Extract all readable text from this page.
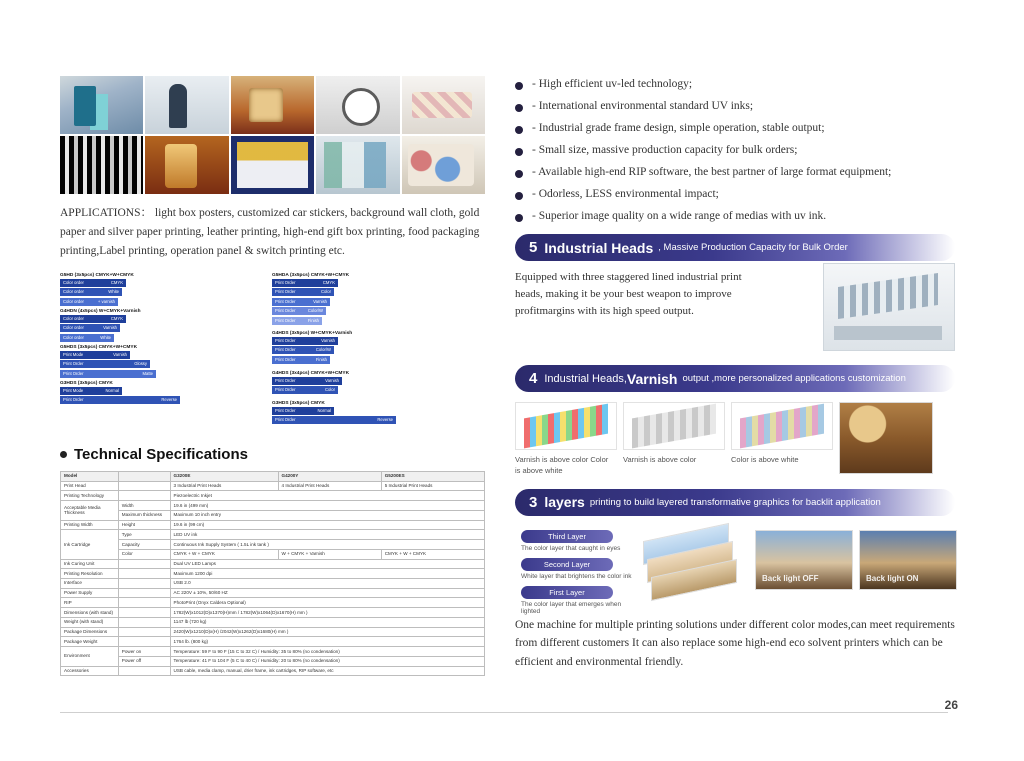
APPLICATIONS： light box posters, customized car stickers, background wall cloth, gold paper and silver paper printing, leather printing, high-end gift box printing, food packaging printing,Label printing, operation panel & switch printing etc.
G5HD (3x5pcs) CMYK+W+CMYK
Color order	CMYK
Color order	White
Color order	+ varnish
G4HDN (4x5pcs) W+CMYK+Varnish
Color order	CMYK
Color order	Varnish
Color order	White
G5HDS (3x5pcs) CMYK+W+CMYK
Print Mode	Varnish
Print Order	Glossy
Print Order	Matte
G3HDS (3x5pcs) CMYK
Print Mode	Normal
Print Order	Reverse
G5HDA (3x5pcs) CMYK+W+CMYK
Print Order	CMYK
Print Order	Color
Print Order	Varnish
Print Order	Color/W
Print Order	Finish
G4HDS (3x5pcs) W+CMYK+Varnish
Print Order	Varnish
Print Order	Color/W
Print Order	Finish
G4HDS (3x4pcs) CMYK+W+CMYK
Print Order	Varnish
Print Order	Color
G3HDS (3x5pcs) CMYK
Print Order	Normal
Print Order	Reverse
Technical Specifications
Model		G3200E	G4200Y	G5200ES
Print Head		3 Industrial Print Heads	4 Industrial Print Heads	5 Industrial Print Heads
Printing Technology		Piezoelectric Inkjet		
Acceptable Media Thickness	Width	19.6 in (499 mm)		
	Maximum thickness	Maximum 10 inch entry		
Printing Width	Height	19.6 in (99 cm)		
Ink Cartridge	Type	LED UV ink		
	Capacity	Continuous Ink Supply System ( 1.5L ink tank )		
	Color	CMYK + W + CMYK	W + CMYK + Varnish	CMYK + W + CMYK
Ink Curing Unit		Dual UV LED Lamps		
Printing Resolution		Maximum 1200 dpi		
Interface		USB 2.0		
Power Supply		AC 220V ± 10%, 50/60 HZ		
RIP		PhotoPrint (Onyx Caldera Optional)		
Dimensions (with stand)		1782(W)x1012(D)x1370(H)mm / 1782(W)x1064(D)x1670(H) mm )		
Weight (with stand)		1147 lb (720 kg)		
Package Dimensions		2420(W)x1210(D)x(H) /2042(W)x1262(D)x1680(H) mm )		
Package Weight		1764 lb. (800 kg)		
Environment	Power on	Temperature: 59 F to 90 F (15 C to 32 C) / Humidity: 35 to 80% (no condensation)		
	Power off	Temperature: 41 F to 104 F (5 C to 40 C) / Humidity: 20 to 80% (no condensation)		
Accessories		USB cable, media clamp, manual, drier frame, ink cartridges, RIP software, etc		
- High efficient uv-led technology;
- International environmental standard UV inks;
- Industrial grade frame design, simple operation, stable output;
- Small size, massive production capacity for bulk orders;
- Available high-end RIP software, the best partner of large format equipment;
- Odorless, LESS environmental impact;
- Superior image quality on a wide range of medias with uv ink.
5 Industrial Heads , Massive Production Capacity for Bulk Order

Equipped with three staggered lined industrial print heads, making it be your best weapon to improve profitmargins with its high speed output.

4 Industrial Heads, Varnish output ,more personalized applications customization
Varnish is above color Color is above white
Varnish is above color	Color is above white
3 layers printing to build layered transformative graphics for backlit application
Third Layer
The color layer that caught in eyes
Second Layer
White layer that brightens the color ink
First Layer
The color layer that emerges when lighted
Back light OFF	Back light ON
One machine for multiple printing solutions under different color modes,can meet requirements from different customers It can also replace some high-end eco solvent printers which can be efficient and environmental friendly.
26
